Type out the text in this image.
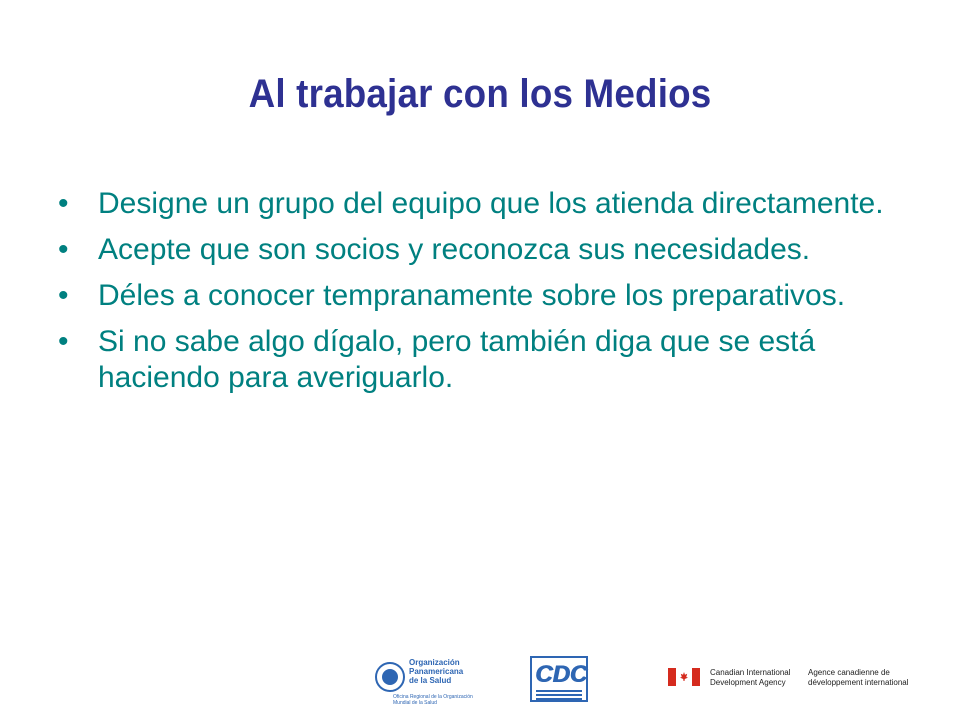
Al trabajar con los Medios
• Designe un grupo del equipo que los atienda directamente.
• Acepte que son socios y reconozca sus necesidades.
• Déles a conocer tempranamente sobre los preparativos.
• Si no sabe algo dígalo, pero también diga que se está haciendo para averiguarlo.
Organización
Panamericana
de la Salud
Oficina Regional de la Organización Mundial de la Salud
CDC	Canadian International
Development Agency
Agence canadienne de
développement international
